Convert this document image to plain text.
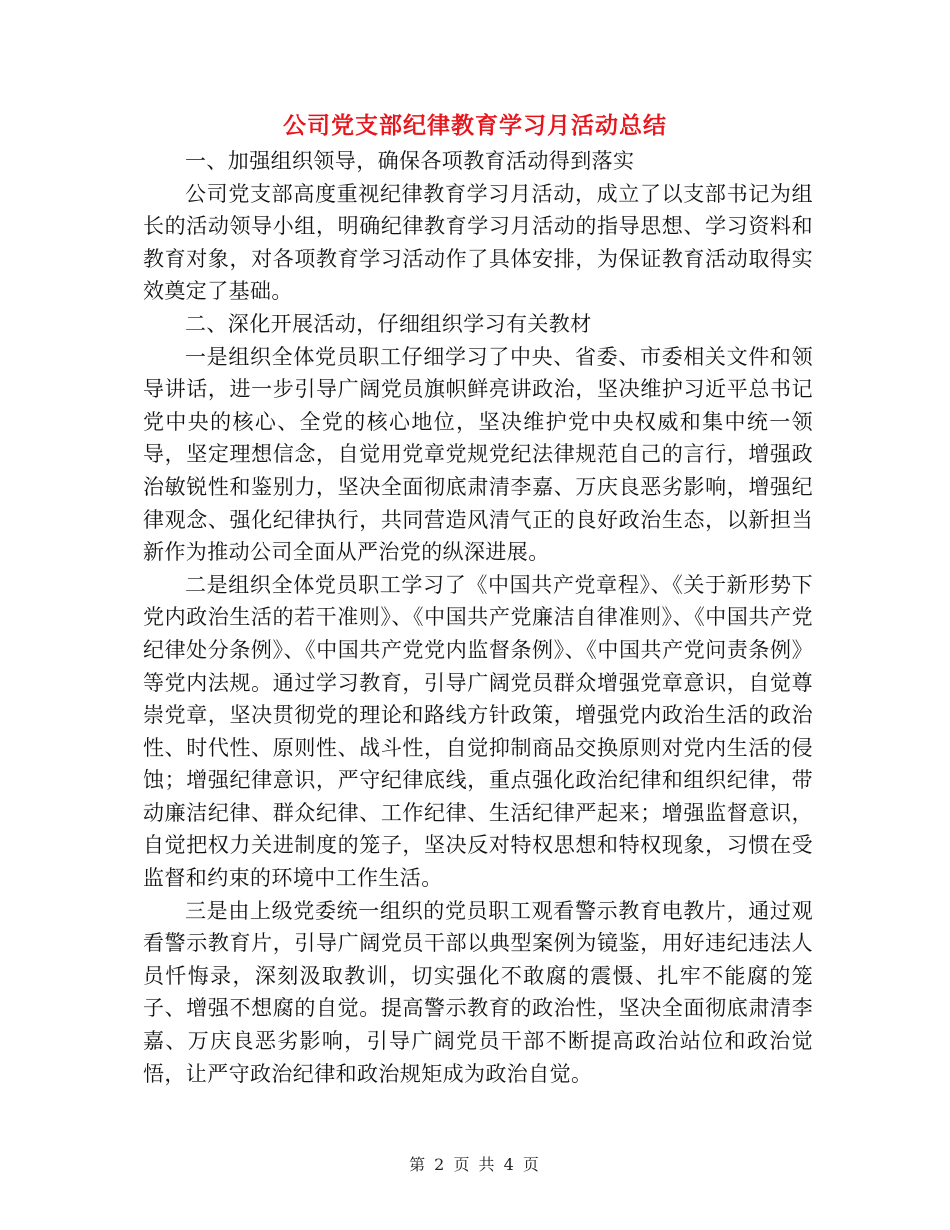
公司党支部纪律教育学习月活动总结

一、加强组织领导，确保各项教育活动得到落实

公司党支部高度重视纪律教育学习月活动，成立了以支部书记为组长的活动领导小组，明确纪律教育学习月活动的指导思想、学习资料和教育对象，对各项教育学习活动作了具体安排，为保证教育活动取得实效奠定了基础。

二、深化开展活动，仔细组织学习有关教材

一是组织全体党员职工仔细学习了中央、省委、市委相关文件和领导讲话，进一步引导广阔党员旗帜鲜亮讲政治，坚决维护习近平总书记党中央的核心、全党的核心地位，坚决维护党中央权威和集中统一领导，坚定理想信念，自觉用党章党规党纪法律规范自己的言行，增强政治敏锐性和鉴别力，坚决全面彻底肃清李嘉、万庆良恶劣影响，增强纪律观念、强化纪律执行，共同营造风清气正的良好政治生态，以新担当新作为推动公司全面从严治党的纵深进展。

二是组织全体党员职工学习了《中国共产党章程》、《关于新形势下党内政治生活的若干准则》、《中国共产党廉洁自律准则》、《中国共产党纪律处分条例》、《中国共产党党内监督条例》、《中国共产党问责条例》等党内法规。通过学习教育，引导广阔党员群众增强党章意识，自觉尊崇党章，坚决贯彻党的理论和路线方针政策，增强党内政治生活的政治性、时代性、原则性、战斗性，自觉抑制商品交换原则对党内生活的侵蚀；增强纪律意识，严守纪律底线，重点强化政治纪律和组织纪律，带动廉洁纪律、群众纪律、工作纪律、生活纪律严起来；增强监督意识，自觉把权力关进制度的笼子，坚决反对特权思想和特权现象，习惯在受监督和约束的环境中工作生活。

三是由上级党委统一组织的党员职工观看警示教育电教片，通过观看警示教育片，引导广阔党员干部以典型案例为镜鉴，用好违纪违法人员忏悔录，深刻汲取教训，切实强化不敢腐的震慑、扎牢不能腐的笼子、增强不想腐的自觉。提高警示教育的政治性，坚决全面彻底肃清李嘉、万庆良恶劣影响，引导广阔党员干部不断提高政治站位和政治觉悟，让严守政治纪律和政治规矩成为政治自觉。

第 2 页 共 4 页
